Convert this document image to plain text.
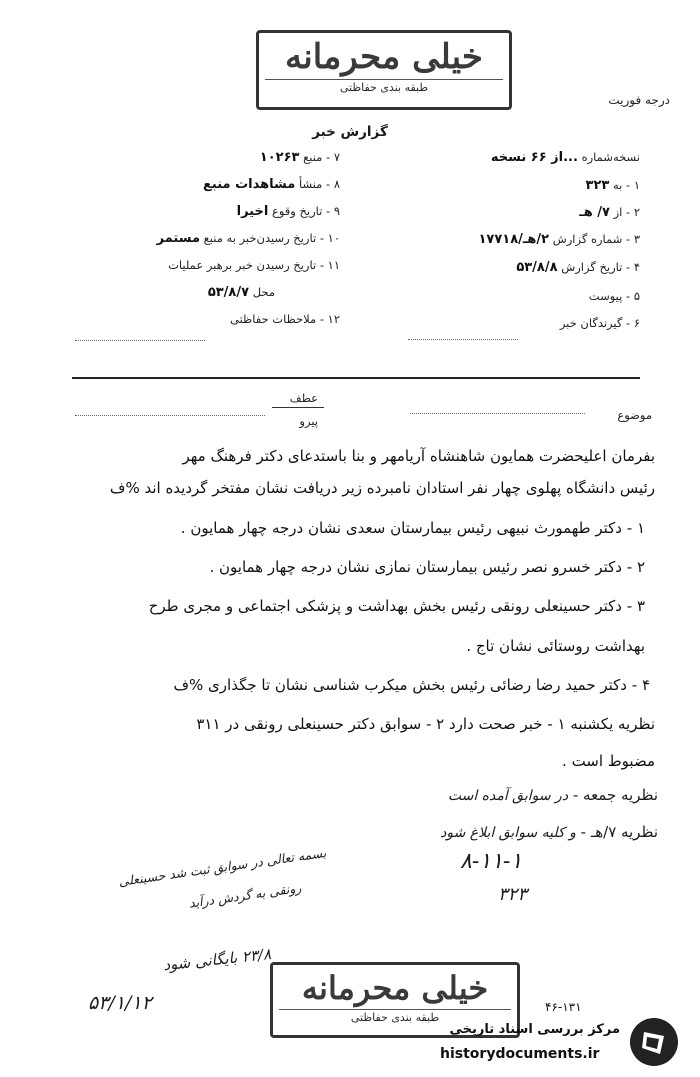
خیلی محرمانه
طبقه بندی حفاظتی
درجه فوریت
گزارش خبر
نسخه‌شماره ...از ۶۶ نسخه
۱ - به ۳۲۳
۲ - از ۷/ هـ
۳ - شماره گزارش ۲/هـ/۱۷۷۱۸
۴ - تاریخ گزارش ۵۳/۸/۸
۵ - پیوست
۶ - گیرندگان خبر
۷ - منبع ۱۰۲۶۳
۸ - منشأ مشاهدات منبع
۹ - تاریخ وقوع اخیرا
۱۰ - تاریخ رسیدن‌خبر به منبع مستمر
۱۱ - تاریخ رسیدن خبر برهبر عملیات
محل ۵۳/۸/۷
۱۲ - ملاحظات حفاظتی
عطف
پیرو	موضوع
بفرمان اعلیحضرت همایون شاهنشاه آریامهر و بنا باستدعای دکتر فرهنگ مهر
رئیس دانشگاه پهلوی چهار نفر استادان نامبرده زیر دریافت نشان مفتخر گردیده اند %ف
۱ - دکتر طهمورث نبیهی رئیس بیمارستان سعدی نشان درجه چهار همایون .
۲ - دکتر خسرو نصر رئیس بیمارستان نمازی نشان درجه چهار همایون .
۳ - دکتر حسینعلی رونقی رئیس بخش بهداشت و پزشکی اجتماعی و مجری طرح
بهداشت روستائی نشان تاج .
۴ - دکتر حمید رضا رضائی رئیس بخش میکرب شناسی نشان تا جگذاری %ف
نظریه یکشنبه ۱ - خبر صحت دارد ۲ - سوابق دکتر حسینعلی رونقی در ۳۱۱
مضبوط است .
نظریه جمعه - در سوابق آمده است
نظریه ۷/هـ - و کلیه سوابق ابلاغ شود
۸-۱۱-۱
۳۲۳
بسمه تعالی در سوابق ثبت شد حسینعلی
رونقی به گردش درآید
۲۳/۸ بایگانی شود
۵۳/۱/۱۲	خیلی محرمانه
طبقه بندی حفاظتی
۴۶-۱۳۱
مرکز بررسی اسناد تاریخی
historydocuments.ir
